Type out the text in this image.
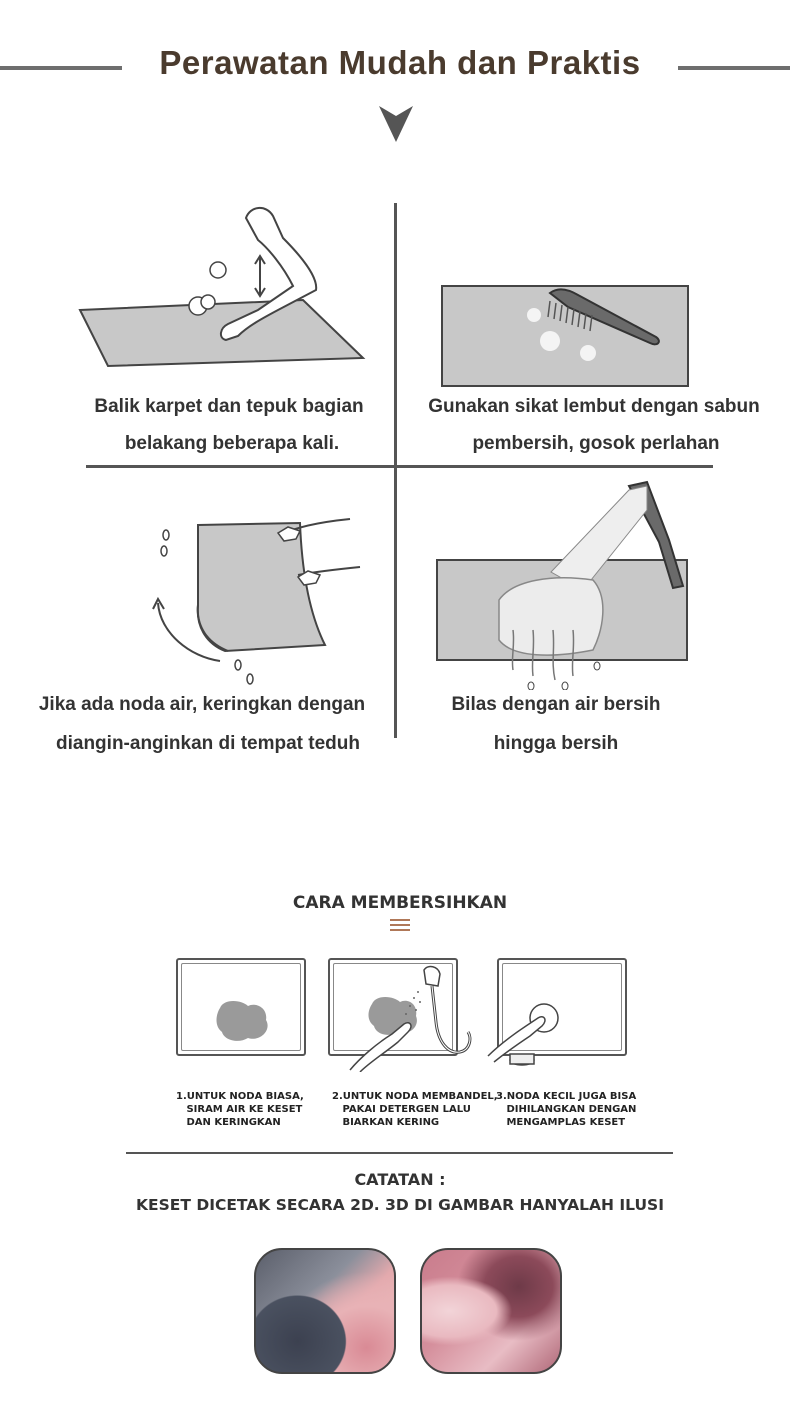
Perawatan Mudah dan Praktis
Balik karpet dan tepuk bagian
belakang beberapa kali.
Gunakan sikat lembut dengan sabun
pembersih, gosok perlahan
Jika ada noda air, keringkan dengan
diangin-anginkan di tempat teduh
Bilas dengan air bersih
hingga bersih
CARA MEMBERSIHKAN
1.UNTUK NODA BIASA,
SIRAM AIR KE KESET
DAN KERINGKAN
2.UNTUK NODA MEMBANDEL,
PAKAI DETERGEN LALU
BIARKAN KERING
3.NODA KECIL JUGA BISA
DIHILANGKAN DENGAN
MENGAMPLAS KESET
CATATAN :
KESET DICETAK SECARA 2D. 3D DI GAMBAR HANYALAH ILUSI
